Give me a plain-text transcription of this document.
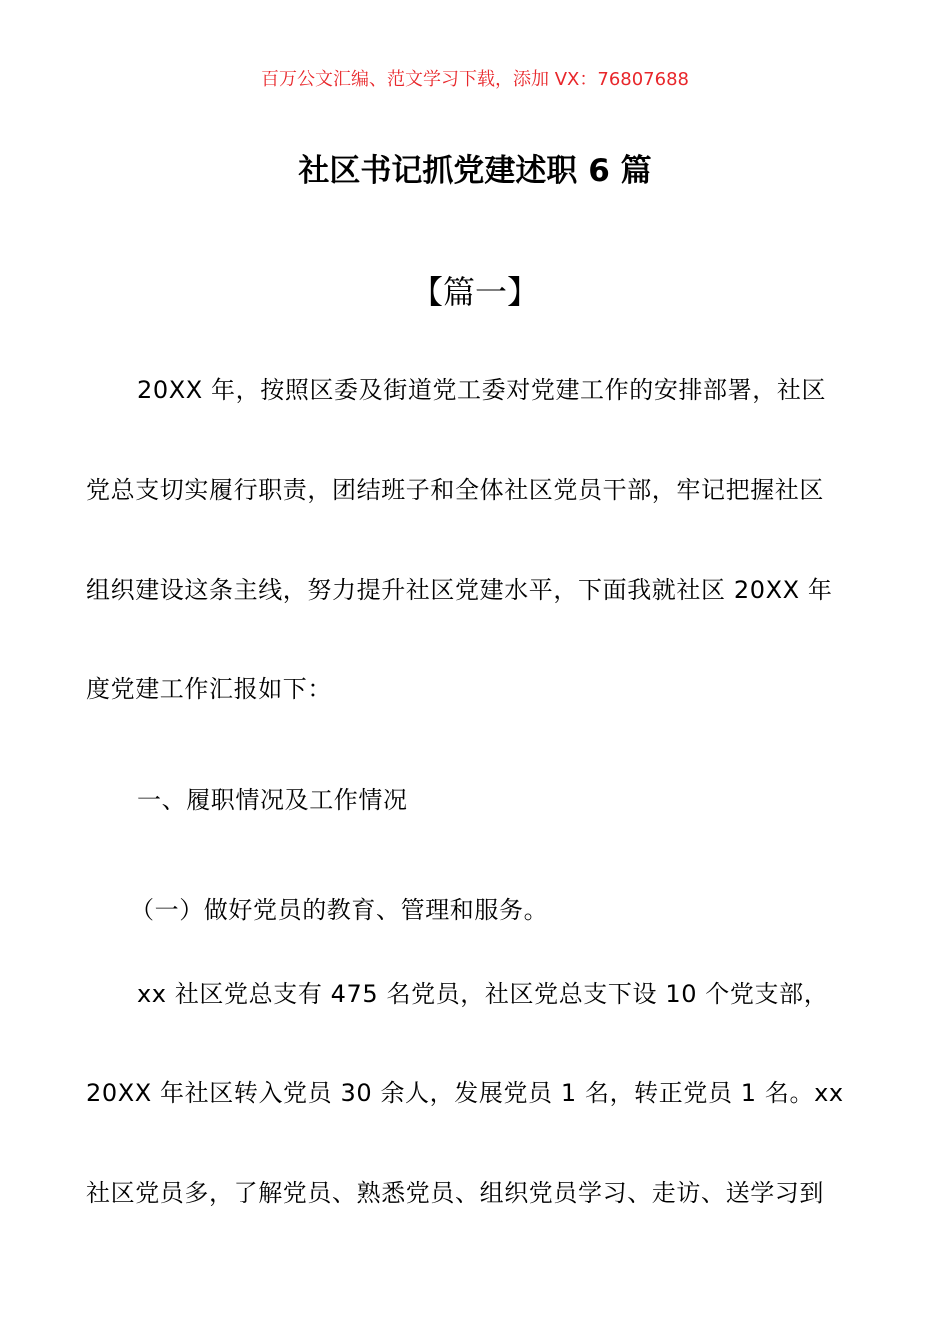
百万公文汇编、范文学习下载，添加 VX：76807688
社区书记抓党建述职 6 篇
【篇一】
20XX 年，按照区委及街道党工委对党建工作的安排部署，社区
党总支切实履行职责，团结班子和全体社区党员干部，牢记把握社区
组织建设这条主线，努力提升社区党建水平，下面我就社区 20XX 年
度党建工作汇报如下：
一、履职情况及工作情况
（一）做好党员的教育、管理和服务。
xx 社区党总支有 475 名党员，社区党总支下设 10 个党支部，
20XX 年社区转入党员 30 余人，发展党员 1 名，转正党员 1 名。xx
社区党员多，了解党员、熟悉党员、组织党员学习、走访、送学习到
